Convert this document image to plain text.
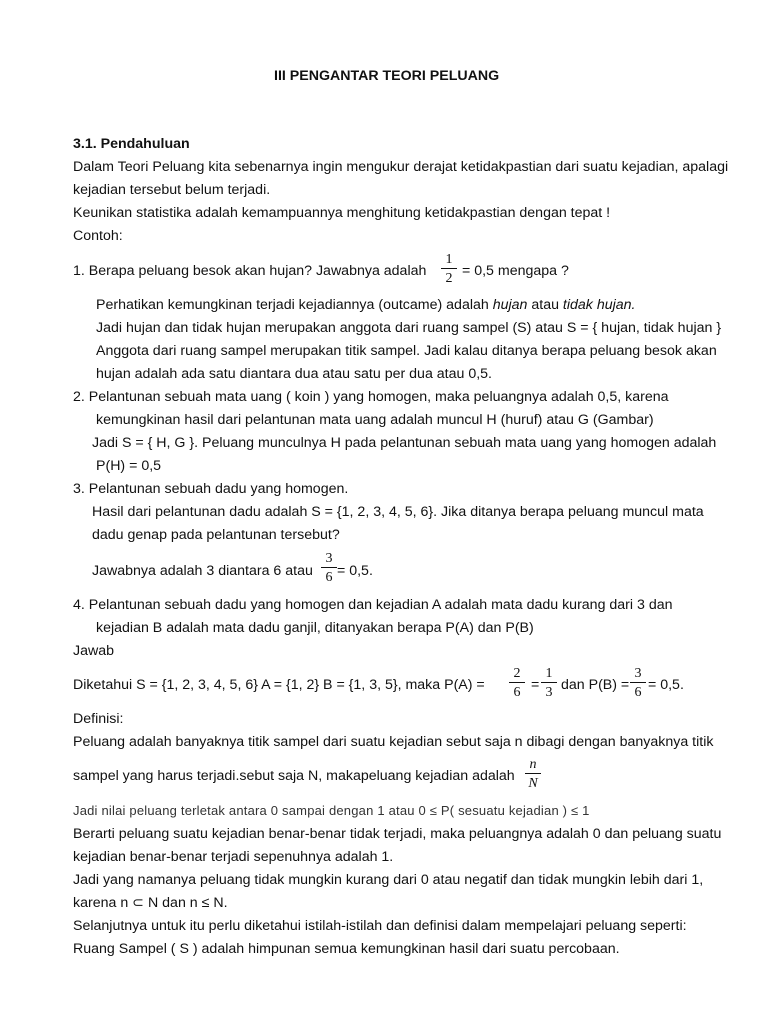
III PENGANTAR TEORI PELUANG
3.1. Pendahuluan
Dalam Teori Peluang kita sebenarnya ingin mengukur derajat ketidakpastian dari suatu kejadian, apalagi
kejadian tersebut belum terjadi.
Keunikan statistika adalah kemampuannya menghitung ketidakpastian dengan tepat !
Contoh:
1. Berapa peluang besok akan hujan? Jawabnya adalah $\frac{1}{2} = 0,5$ mengapa ?
Perhatikan kemungkinan terjadi kejadiannya (outcame) adalah hujan atau tidak hujan.
Jadi hujan dan tidak hujan merupakan anggota dari ruang sampel (S) atau S = { hujan, tidak hujan }
Anggota dari ruang sampel merupakan titik sampel. Jadi kalau ditanya berapa peluang besok akan
hujan adalah ada satu diantara dua atau satu per dua atau 0,5.
2. Pelantunan sebuah mata uang ( koin ) yang homogen, maka peluangnya adalah 0,5, karena
kemungkinan hasil dari pelantunan mata uang adalah muncul H (huruf) atau G (Gambar)
Jadi S = { H, G }. Peluang munculnya H pada pelantunan sebuah mata uang yang homogen adalah
P(H) = 0,5
3. Pelantunan sebuah dadu yang homogen.
Hasil dari pelantunan dadu adalah S = {1, 2, 3, 4, 5, 6}. Jika ditanya berapa peluang muncul mata
dadu genap pada pelantunan tersebut?
Jawabnya adalah 3 diantara 6 atau $\frac{3}{6} = 0,5$.
4. Pelantunan sebuah dadu yang homogen dan kejadian A adalah mata dadu kurang dari 3 dan
kejadian B adalah mata dadu ganjil, ditanyakan berapa P(A) dan P(B)
Jawab
Diketahui S = {1, 2, 3, 4, 5, 6} A = {1, 2} B = {1, 3, 5}, maka $P(A) = \frac{2}{6} = \frac{1}{3}$ dan $P(B) = \frac{3}{6} = 0,5$.
Definisi:
Peluang adalah banyaknya titik sampel dari suatu kejadian sebut saja n dibagi dengan banyaknya titik
sampel yang harus terjadi.sebut saja N, makapeluang kejadian adalah $\frac{n}{N}$
Jadi nilai peluang terletak antara 0 sampai dengan 1 atau 0 ≤ P( sesuatu kejadian ) ≤ 1
Berarti peluang suatu kejadian benar-benar tidak terjadi, maka peluangnya adalah 0 dan peluang suatu
kejadian benar-benar terjadi sepenuhnya adalah 1.
Jadi yang namanya peluang tidak mungkin kurang dari 0 atau negatif dan tidak mungkin lebih dari 1,
karena n ⊂ N dan n ≤ N.
Selanjutnya untuk itu perlu diketahui istilah-istilah dan definisi dalam mempelajari peluang seperti:
Ruang Sampel ( S ) adalah himpunan semua kemungkinan hasil dari suatu percobaan.
